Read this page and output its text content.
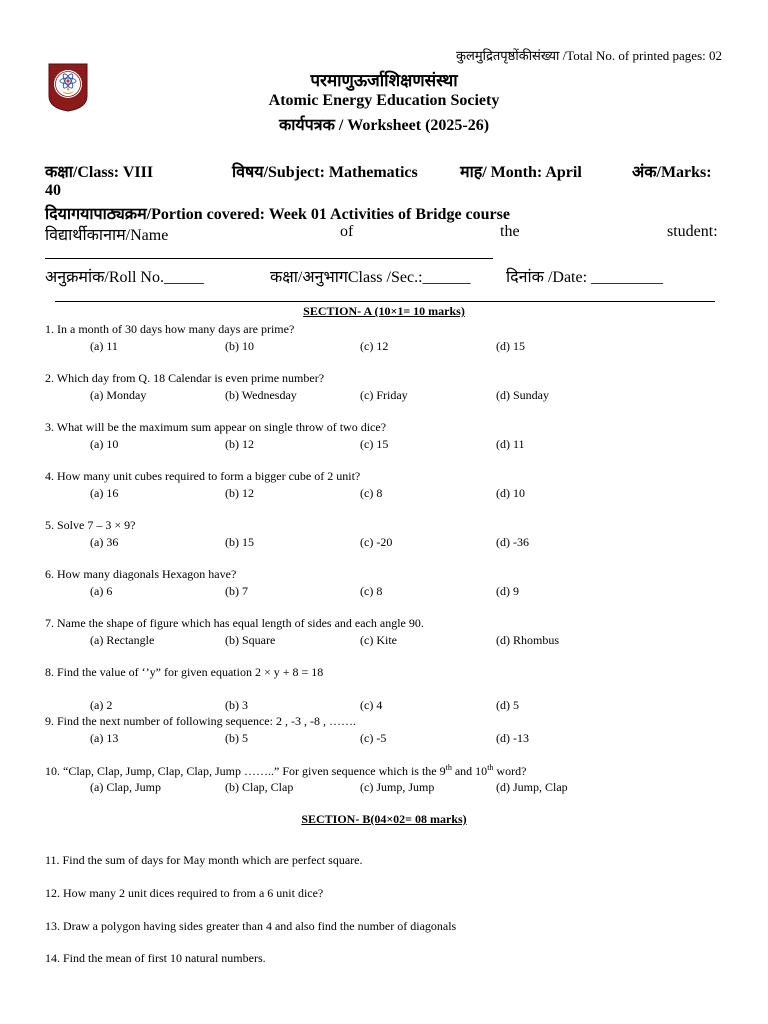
कुलमुद्रितपृष्ठोंकीसंख्या /Total No. of printed pages: 02
परमाणुऊर्जाशिक्षणसंस्था
Atomic Energy Education Society
कार्यपत्रक / Worksheet (2025-26)
कक्षा/Class: VIII	विषय/Subject: Mathematics	माह/ Month: April	अंक/Marks:
40
दियागयापाठ्यक्रम/Portion covered: Week 01 Activities of Bridge course
विद्यार्थीकानाम/Name	of	the	student:
अनुक्रमांक/Roll No._____	कक्षा/अनुभागClass /Sec.:______ दिनांक /Date: _________
SECTION- A (10×1= 10 marks)
1. In a month of 30 days how many days are prime?
(a) 11	(b) 10	(c) 12	(d) 15
2. Which day from Q. 18 Calendar is even prime number?
(a) Monday	(b) Wednesday	(c) Friday	(d) Sunday
3. What will be the maximum sum appear on single throw of two dice?
(a) 10	(b) 12	(c) 15	(d) 11
4. How many unit cubes required to form a bigger cube of 2 unit?
(a) 16	(b) 12	(c) 8	(d) 10
5. Solve 7 – 3 × 9?
(a) 36	(b) 15	(c) -20	(d) -36
6. How many diagonals Hexagon have?
(a) 6	(b) 7	(c) 8	(d) 9
7. Name the shape of figure which has equal length of sides and each angle 90.
(a) Rectangle	(b) Square	(c) Kite	(d) Rhombus
8. Find the value of ‘’y” for given equation 2 × y + 8 = 18
(a) 2	(b) 3	(c) 4	(d) 5
9. Find the next number of following sequence: 2 , -3 , -8 , …….
(a) 13	(b) 5	(c) -5	(d) -13
10. “Clap, Clap, Jump, Clap, Clap, Jump ……..” For given sequence which is the 9th and 10th word?
(a) Clap, Jump	(b) Clap, Clap	(c) Jump, Jump	(d) Jump, Clap
SECTION- B(04×02= 08 marks)
11. Find the sum of days for May month which are perfect square.
12. How many 2 unit dices required to from a 6 unit dice?
13. Draw a polygon having sides greater than 4 and also find the number of diagonals
14. Find the mean of first 10 natural numbers.
